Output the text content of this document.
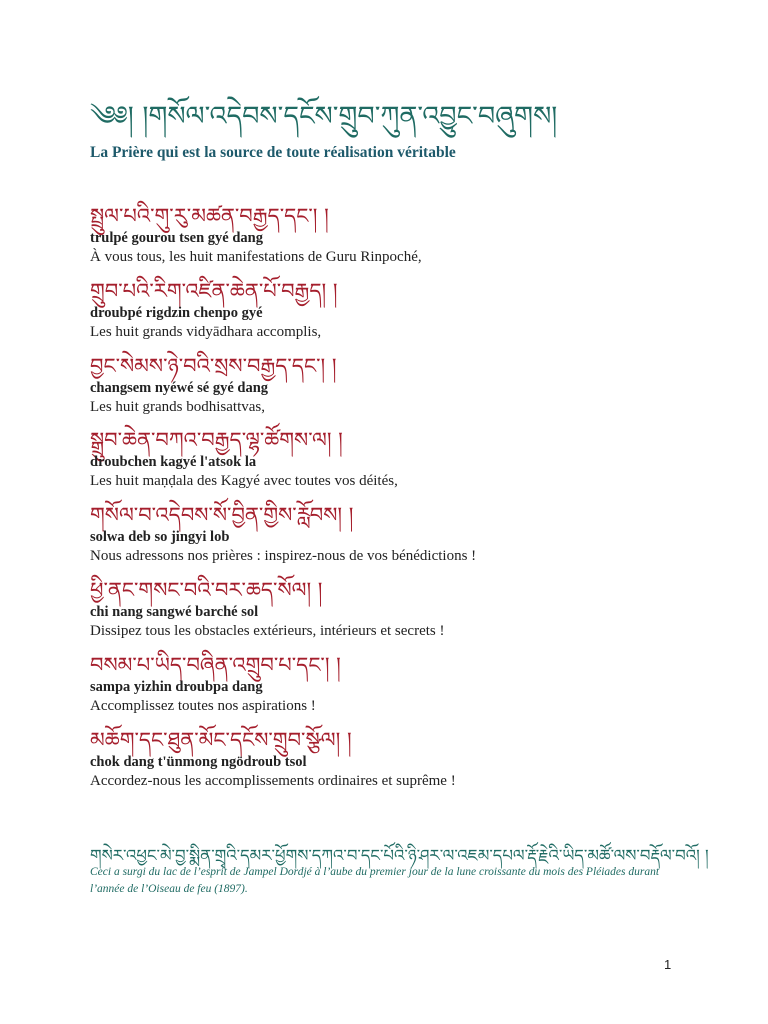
༄༅། །གསོལ་འདེབས་དངོས་གྲུབ་ཀུན་འབྱུང་བཞུགས།
La Prière qui est la source de toute réalisation véritable
སྤྲུལ་པའི་གུ་རུ་མཚན་བརྒྱད་དང་། །
trulpé gourou tsen gyé dang
À vous tous, les huit manifestations de Guru Rinpoché,
གྲུབ་པའི་རིག་འཛིན་ཆེན་པོ་བརྒྱད། །
droubpé rigdzin chenpo gyé
Les huit grands vidyādhara accomplis,
བྱང་སེམས་ཉེ་བའི་སྲས་བརྒྱད་དང་། །
changsem nyéwé sé gyé dang
Les huit grands bodhisattvas,
སྒྲུབ་ཆེན་བཀའ་བརྒྱད་ལྷ་ཚོགས་ལ། །
droubchen kagyé l'atsok la
Les huit maṇḍala des Kagyé avec toutes vos déités,
གསོལ་བ་འདེབས་སོ་བྱིན་གྱིས་རློབས། །
solwa deb so jingyi lob
Nous adressons nos prières : inspirez-nous de vos bénédictions !
ཕྱི་ནང་གསང་བའི་བར་ཆད་སོལ། །
chi nang sangwé barché sol
Dissipez tous les obstacles extérieurs, intérieurs et secrets !
བསམ་པ་ཡིད་བཞིན་འགྲུབ་པ་དང་། །
sampa yizhin droubpa dang
Accomplissez toutes nos aspirations !
མཆོག་དང་ཐུན་མོང་དངོས་གྲུབ་སྩོལ། །
chok dang t'ünmong ngödroub tsol
Accordez-nous les accomplissements ordinaires et suprême !
གསེར་འཕྱང་མེ་བྱ་སྨིན་གྲྭའི་དམར་ཕྱོགས་དཀའ་བ་དང་པོའི་ཉི་ཤར་ལ་འཇམ་དཔལ་རྡོ་རྗེའི་ཡིད་མཚོ་ལས་བརྡོལ་བའོ། །
Ceci a surgi du lac de l’esprit de Jampel Dordjé à l’aube du premier jour de la lune croissante du mois des Pléiades durant l’année de l’Oiseau de feu (1897).
1
